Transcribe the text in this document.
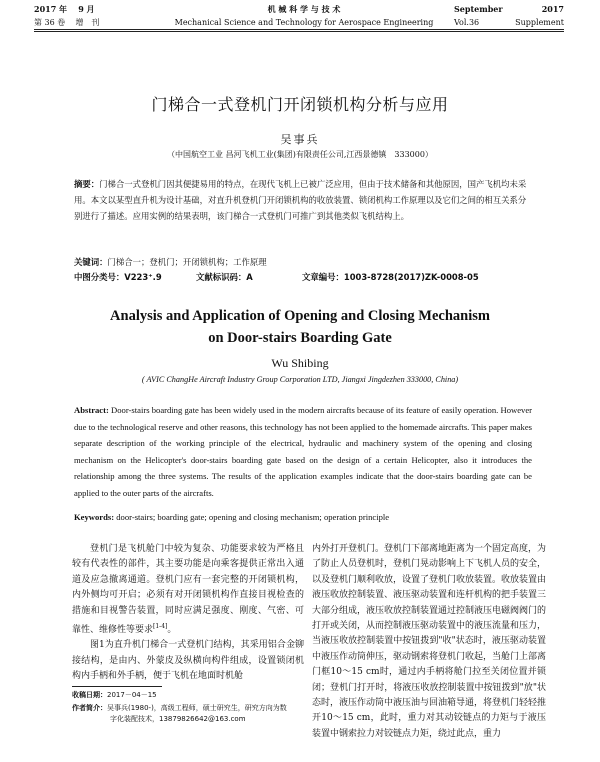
2017 年 9 月	机 械 科 学 与 技 术	September	2017
第 36 卷 增　刊	Mechanical Science and Technology for Aerospace Engineering	Vol.36	Supplement
门梯合一式登机门开闭锁机构分析与应用
吴事兵
（中国航空工业 昌河飞机工业(集团)有限责任公司,江西景德镇　333000）
摘要：门梯合一式登机门因其便捷易用的特点，在现代飞机上已被广泛应用，但由于技术储备和其他原因，国产飞机均未采用。本文以某型直升机为设计基础，对直升机登机门开闭锁机构的收放装置、锁闭机构工作原理以及它们之间的相互关系分别进行了描述。应用实例的结果表明，该门梯合一式登机门可推广到其他类似飞机结构上。
关键词：门梯合一；登机门；开闭锁机构；工作原理
中图分类号：V223⁺.9	文献标识码：A	文章编号：1003-8728(2017)ZK-0008-05
Analysis and Application of Opening and Closing Mechanism
on Door-stairs Boarding Gate
Wu Shibing
( AVIC ChangHe Aircraft Industry Group Corporation LTD, Jiangxi Jingdezhen 333000, China)
Abstract: Door-stairs boarding gate has been widely used in the modern aircrafts because of its feature of easily operation. However due to the technological reserve and other reasons, this technology has not been applied to the homemade aircrafts. This paper makes separate description of the working principle of the electrical, hydraulic and machinery system of the opening and closing mechanism on the Helicopter's door-stairs boarding gate based on the design of a certain Helicopter, also it introduces the relationship among the three systems. The results of the application examples indicate that the door-stairs boarding gate can be applied to the outer parts of the aircrafts.
Keywords: door-stairs; boarding gate; opening and closing mechanism; operation principle

登机门是飞机舱门中较为复杂、功能要求较为严格且较有代表性的部件，其主要功能是向乘客提供正常出入通道及应急撤离通道。登机门应有一套完整的开闭锁机构，内外侧均可开启；必须有对开闭锁机构作直接目视检查的措施和目视警告装置，同时应满足强度、刚度、气密、可靠性、维修性等要求[1-4]。

图1为直升机门梯合一式登机门结构，其采用铝合金铆接结构，是由内、外蒙皮及纵横向构件组成，设置锁闭机构内手柄和外手柄，便于飞机在地面时机舱

内外打开登机门。登机门下部离地距离为一个固定高度，为了防止人员登机时，登机门晃动影响上下飞机人员的安全，以及登机门顺利收放，设置了登机门收放装置。收放装置由液压收放控制装置、液压驱动装置和连杆机构的把手装置三大部分组成，液压收放控制装置通过控制液压电磁阀阀门的打开或关闭，从而控制液压驱动装置中的液压流量和压力，当液压收放控制装置中按钮拨到"收"状态时，液压驱动装置中液压作动筒伸压，驱动钢索将登机门收起，当舱门上部离门框10～15 cm时，通过内手柄将舱门拉至关闭位置并锁闭；登机门打开时，将液压收放控制装置中按钮拨到"放"状态时，液压作动筒中液压油与回油箱导通，将登机门轻轻推开10～15 cm，此时，重力对其动铰链点的力矩与于液压装置中钢索拉力对铰链点力矩，绕过此点，重力

收稿日期：2017－04－15
作者简介：吴事兵(1980-)，高级工程师，硕士研究生，研究方向为数
字化装配技术，13879826642@163.com
